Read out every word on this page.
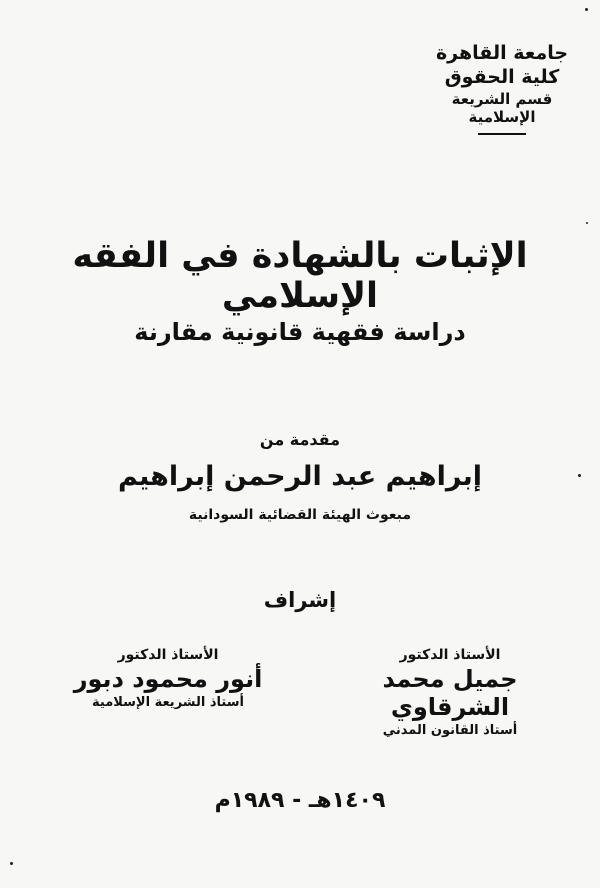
جامعة القاهرة
كلية الحقوق
قسم الشريعة الإسلامية
الإثبات بالشهادة في الفقه الإسلامي
دراسة فقهية قانونية مقارنة
مقدمة من
إبراهيم عبد الرحمن إبراهيم
مبعوث الهيئة القضائية السودانية
إشراف
الأستاذ الدكتور
جميل محمد الشرقاوي
أستاذ القانون المدني
الأستاذ الدكتور
أنور محمود دبور
أستاذ الشريعة الإسلامية
١٤٠٩هـ - ١٩٨٩م
